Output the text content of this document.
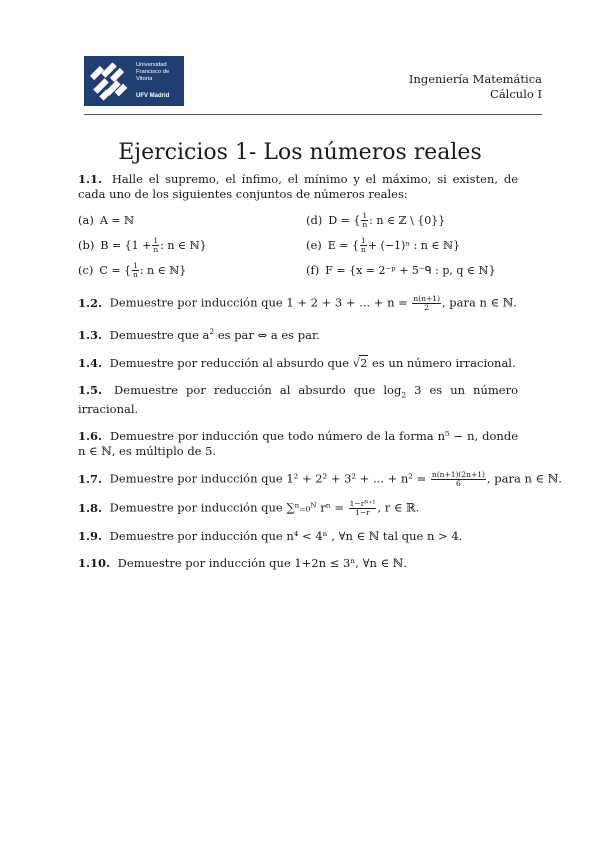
Universidad
Francisco de
Vitoria
UFV Madrid
Ingeniería Matemática
Cálculo I
Ejercicios 1- Los números reales
1.1. Halle el supremo, el ínfimo, el mínimo y el máximo, si existen, de cada uno de los siguientes conjuntos de números reales:
(a) A = ℕ	(d) D = { $\frac{1}{n}$ : n ∈ ℤ \ {0}}
(b) $B = \{1 + \frac{1}{n}$ : n ∈ ℕ}	(e) E = { $\frac{1}{n} + (-1)^n$ : n ∈ ℕ}
(c) C = { $\frac{1}{n}$ : n ∈ ℕ}	(f) F = {x = 2⁻ᵖ + 5⁻ᑫ : p, q ∈ ℕ}
1.2. Demuestre por inducción que 1 + 2 + 3 + ... + $n = \frac{n(n+1)}{2}$ , para n ∈ ℕ.
1.3. Demuestre que $a^2$ es par ⇔ a es par.
1.4. Demuestre por reducción al absurdo que √2 es un número irracional.
1.5. Demuestre por reducción al absurdo que $\log_2 3$ es un número irracional.
1.6. Demuestre por inducción que todo número de la forma n⁵ − n, donde n ∈ ℕ, es múltiplo de 5.
1.7. Demuestre por inducción que 1² + 2² + 3² + ... + $n^2 = \frac{n(n+1)(2n+1)}{6}$ , para n ∈ ℕ.
1.8. Demuestre por inducción que ∑ⁿ₌₀ᴺ $r^n = \frac{\text{1−rᴺ⁺¹}}{1-r}$ , r ∈ ℝ.
1.9. Demuestre por inducción que n⁴ < 4ⁿ , ∀n ∈ ℕ tal que n > 4.
1.10. Demuestre por inducción que 1+2n ≤ 3ⁿ, ∀n ∈ ℕ.
